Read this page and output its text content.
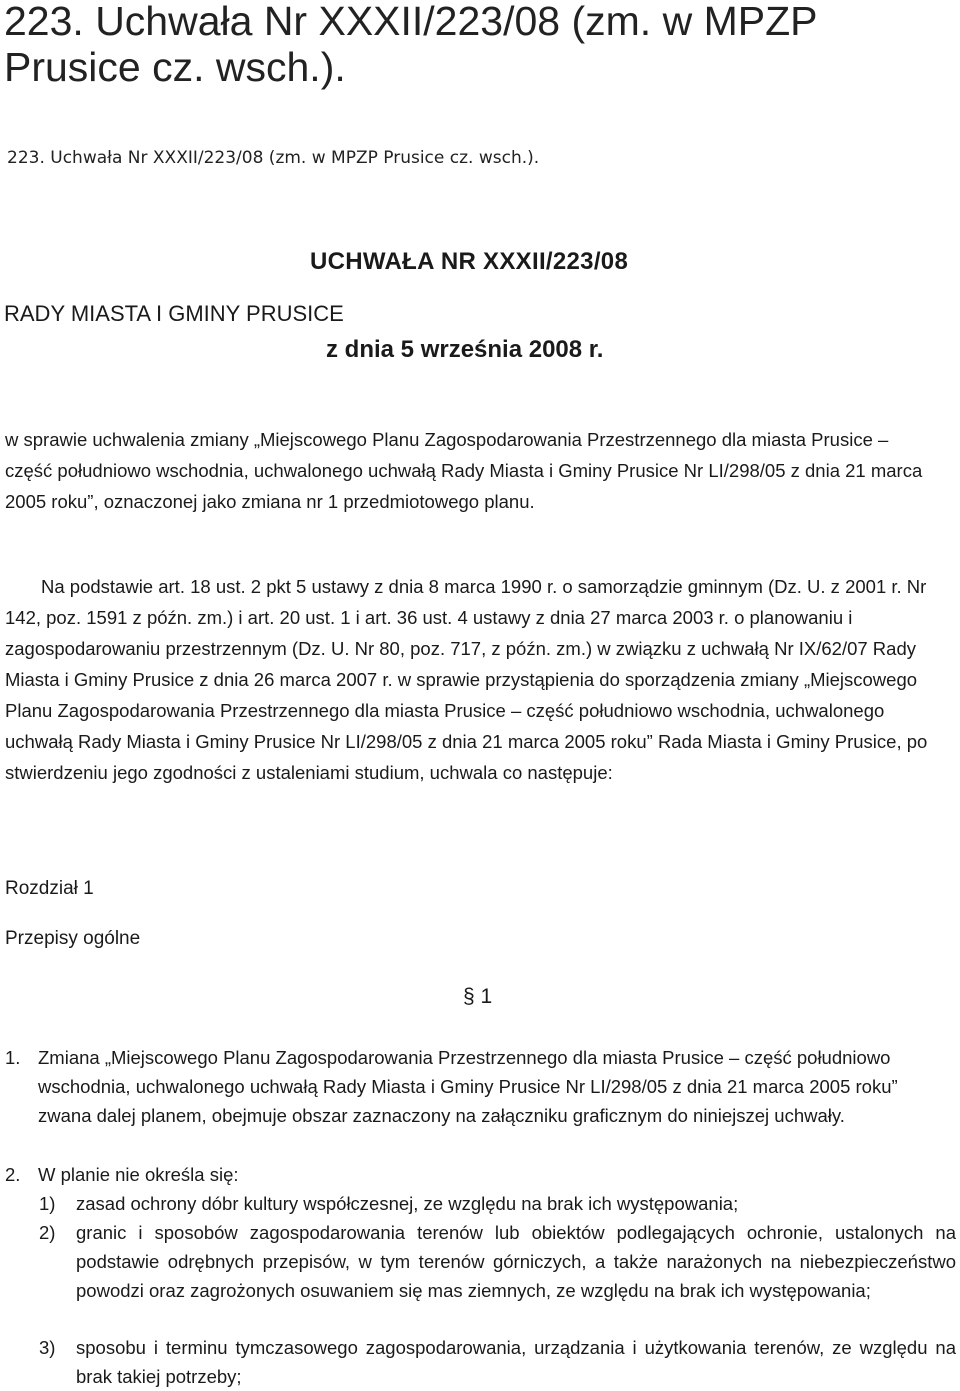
223. Uchwała Nr XXXII/223/08 (zm. w MPZP Prusice cz. wsch.).
223. Uchwała Nr XXXII/223/08 (zm. w MPZP Prusice cz. wsch.).
UCHWAŁA NR XXXII/223/08
RADY MIASTA I GMINY PRUSICE
z dnia 5 września 2008 r.
w sprawie uchwalenia zmiany „Miejscowego Planu Zagospodarowania Przestrzennego dla miasta Prusice – część południowo wschodnia, uchwalonego uchwałą Rady Miasta i Gminy Prusice Nr LI/298/05 z dnia 21 marca 2005 roku”, oznaczonej jako zmiana nr 1 przedmiotowego planu.
Na podstawie art. 18 ust. 2 pkt 5 ustawy z dnia 8 marca 1990 r. o samorządzie gminnym (Dz. U. z 2001 r. Nr 142, poz. 1591 z późn. zm.) i art. 20 ust. 1 i art. 36 ust. 4 ustawy z dnia 27 marca 2003 r. o planowaniu i zagospodarowaniu przestrzennym (Dz. U. Nr 80, poz. 717, z późn. zm.) w związku z uchwałą Nr IX/62/07 Rady Miasta i Gminy Prusice z dnia 26 marca 2007 r. w sprawie przystąpienia do sporządzenia zmiany „Miejscowego Planu Zagospodarowania Przestrzennego dla miasta Prusice – część południowo wschodnia, uchwalonego uchwałą Rady Miasta i Gminy Prusice Nr LI/298/05 z dnia 21 marca 2005 roku” Rada Miasta i Gminy Prusice, po stwierdzeniu jego zgodności z ustaleniami studium, uchwala co następuje:
Rozdział 1
Przepisy ogólne
§ 1
1. Zmiana „Miejscowego Planu Zagospodarowania Przestrzennego dla miasta Prusice – część południowo wschodnia, uchwalonego uchwałą Rady Miasta i Gminy Prusice Nr LI/298/05 z dnia 21 marca 2005 roku” zwana dalej planem, obejmuje obszar zaznaczony na załączniku graficznym do niniejszej uchwały.
2. W planie nie określa się:
1) zasad ochrony dóbr kultury współczesnej, ze względu na brak ich występowania;
2) granic i sposobów zagospodarowania terenów lub obiektów podlegających ochronie, ustalonych na podstawie odrębnych przepisów, w tym terenów górniczych, a także narażonych na niebezpieczeństwo powodzi oraz zagrożonych osuwaniem się mas ziemnych, ze względu na brak ich występowania;
3) sposobu i terminu tymczasowego zagospodarowania, urządzania i użytkowania terenów, ze względu na brak takiej potrzeby;
